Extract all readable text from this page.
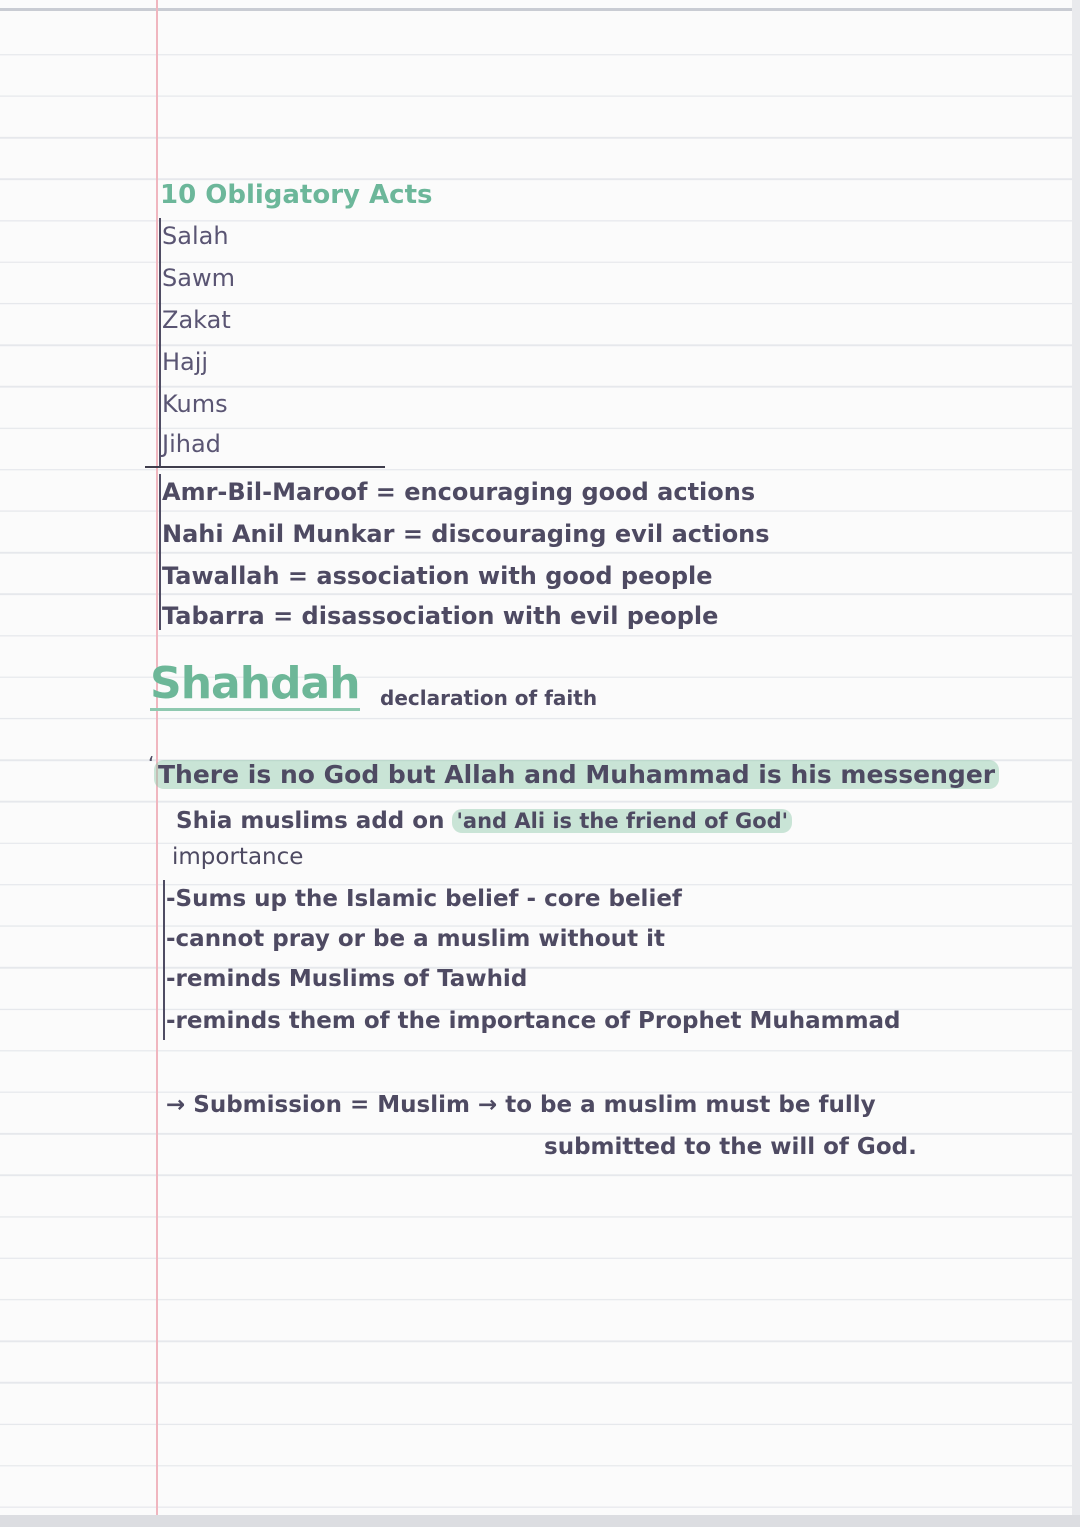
10 Obligatory Acts
Salah
Sawm
Zakat
Hajj
Kums
Jihad
Amr-Bil-Maroof = encouraging good actions
Nahi Anil Munkar = discouraging evil actions
Tawallah = association with good people
Tabarra = disassociation with evil people
Shahdah declaration of faith
‘ There is no God but Allah and Muhammad is his messenger
Shia muslims add on 'and Ali is the friend of God'
importance
-Sums up the Islamic belief - core belief
-cannot pray or be a muslim without it
-reminds Muslims of Tawhid
-reminds them of the importance of Prophet Muhammad
→ Submission = Muslim → to be a muslim must be fully
submitted to the will of God.
